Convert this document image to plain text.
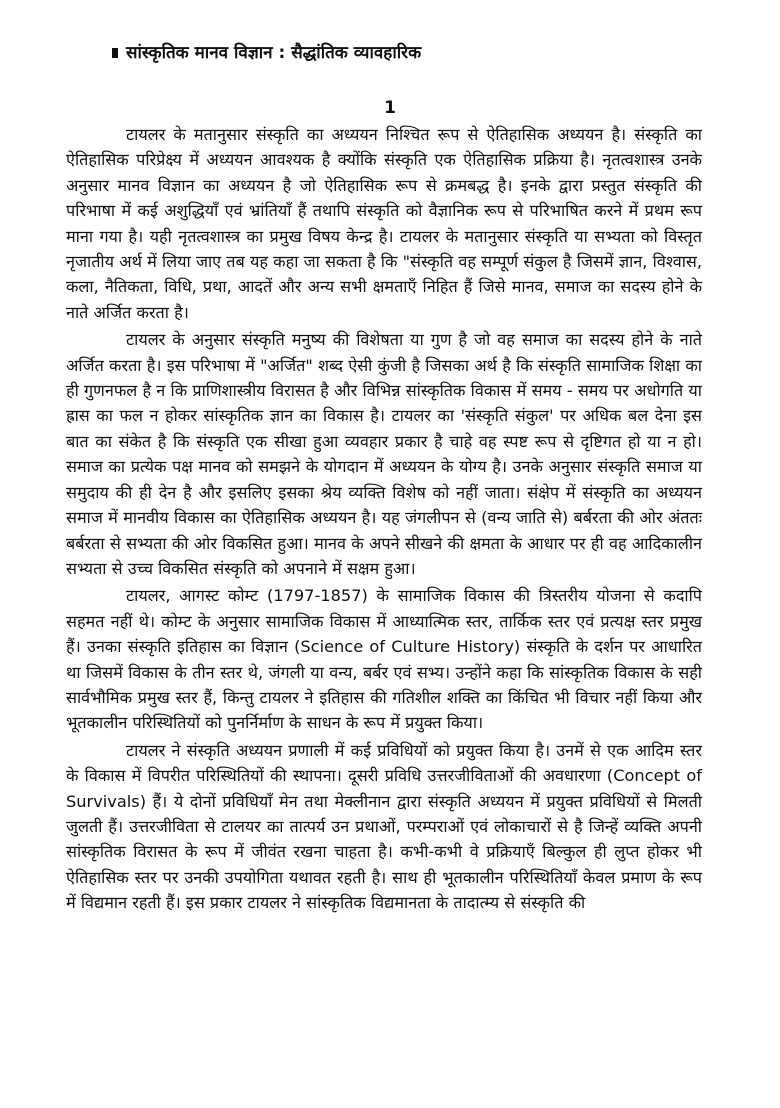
सांस्कृतिक मानव विज्ञान : सैद्धांतिक व्यावहारिक
1

टायलर के मतानुसार संस्कृति का अध्ययन निश्चित रूप से ऐतिहासिक अध्ययन है। संस्कृति का ऐतिहासिक परिप्रेक्ष्य में अध्ययन आवश्यक है क्योंकि संस्कृति एक ऐतिहासिक प्रक्रिया है। नृतत्वशास्त्र उनके अनुसार मानव विज्ञान का अध्ययन है जो ऐतिहासिक रूप से क्रमबद्ध है। इनके द्वारा प्रस्तुत संस्कृति की परिभाषा में कई अशुद्धियाँ एवं भ्रांतियाँ हैं तथापि संस्कृति को वैज्ञानिक रूप से परिभाषित करने में प्रथम रूप माना गया है। यही नृतत्वशास्त्र का प्रमुख विषय केन्द्र है। टायलर के मतानुसार संस्कृति या सभ्यता को विस्तृत नृजातीय अर्थ में लिया जाए तब यह कहा जा सकता है कि "संस्कृति वह सम्पूर्ण संकुल है जिसमें ज्ञान, विश्वास, कला, नैतिकता, विधि, प्रथा, आदतें और अन्य सभी क्षमताएँ निहित हैं जिसे मानव, समाज का सदस्य होने के नाते अर्जित करता है।

टायलर के अनुसार संस्कृति मनुष्य की विशेषता या गुण है जो वह समाज का सदस्य होने के नाते अर्जित करता है। इस परिभाषा में "अर्जित" शब्द ऐसी कुंजी है जिसका अर्थ है कि संस्कृति सामाजिक शिक्षा का ही गुणनफल है न कि प्राणिशास्त्रीय विरासत है और विभिन्न सांस्कृतिक विकास में समय - समय पर अधोगति या ह्रास का फल न होकर सांस्कृतिक ज्ञान का विकास है। टायलर का 'संस्कृति संकुल' पर अधिक बल देना इस बात का संकेत है कि संस्कृति एक सीखा हुआ व्यवहार प्रकार है चाहे वह स्पष्ट रूप से दृष्टिगत हो या न हो। समाज का प्रत्येक पक्ष मानव को समझने के योगदान में अध्ययन के योग्य है। उनके अनुसार संस्कृति समाज या समुदाय की ही देन है और इसलिए इसका श्रेय व्यक्ति विशेष को नहीं जाता। संक्षेप में संस्कृति का अध्ययन समाज में मानवीय विकास का ऐतिहासिक अध्ययन है। यह जंगलीपन से (वन्य जाति से) बर्बरता की ओर अंततः बर्बरता से सभ्यता की ओर विकसित हुआ। मानव के अपने सीखने की क्षमता के आधार पर ही वह आदिकालीन सभ्यता से उच्च विकसित संस्कृति को अपनाने में सक्षम हुआ।

टायलर, आगस्ट कोम्ट (1797-1857) के सामाजिक विकास की त्रिस्तरीय योजना से कदापि सहमत नहीं थे। कोम्ट के अनुसार सामाजिक विकास में आध्यात्मिक स्तर, तार्किक स्तर एवं प्रत्यक्ष स्तर प्रमुख हैं। उनका संस्कृति इतिहास का विज्ञान (Science of Culture History) संस्कृति के दर्शन पर आधारित था जिसमें विकास के तीन स्तर थे, जंगली या वन्य, बर्बर एवं सभ्य। उन्होंने कहा कि सांस्कृतिक विकास के सही सार्वभौमिक प्रमुख स्तर हैं, किन्तु टायलर ने इतिहास की गतिशील शक्ति का किंचित भी विचार नहीं किया और भूतकालीन परिस्थितियों को पुनर्निर्माण के साधन के रूप में प्रयुक्त किया।

टायलर ने संस्कृति अध्ययन प्रणाली में कई प्रविधियों को प्रयुक्त किया है। उनमें से एक आदिम स्तर के विकास में विपरीत परिस्थितियों की स्थापना। दूसरी प्रविधि उत्तरजीविताओं की अवधारणा (Concept of Survivals) हैं। ये दोनों प्रविधियाँ मेन तथा मेक्लीनान द्वारा संस्कृति अध्ययन में प्रयुक्त प्रविधियों से मिलती जुलती हैं। उत्तरजीविता से टालयर का तात्पर्य उन प्रथाओं, परम्पराओं एवं लोकाचारों से है जिन्हें व्यक्ति अपनी सांस्कृतिक विरासत के रूप में जीवंत रखना चाहता है। कभी-कभी वे प्रक्रियाएँ बिल्कुल ही लुप्त होकर भी ऐतिहासिक स्तर पर उनकी उपयोगिता यथावत रहती है। साथ ही भूतकालीन परिस्थितियाँ केवल प्रमाण के रूप में विद्यमान रहती हैं। इस प्रकार टायलर ने सांस्कृतिक विद्यमानता के तादात्म्य से संस्कृति की
